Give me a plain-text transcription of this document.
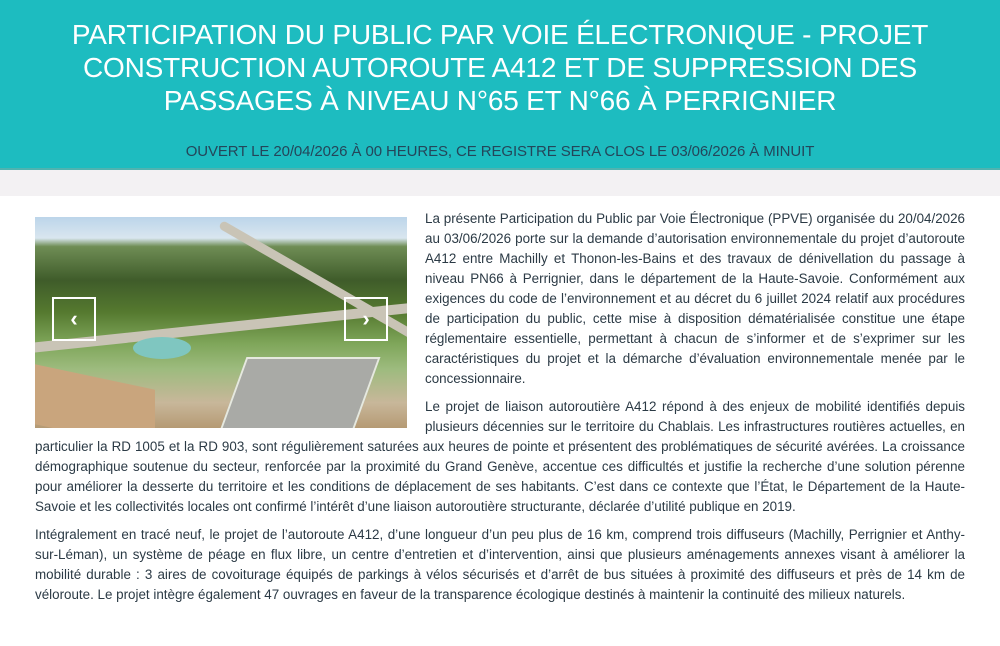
PARTICIPATION DU PUBLIC PAR VOIE ÉLECTRONIQUE - PROJET CONSTRUCTION AUTOROUTE A412 ET DE SUPPRESSION DES PASSAGES À NIVEAU N°65 ET N°66 À PERRIGNIER
OUVERT LE 20/04/2026 À 00 HEURES, CE REGISTRE SERA CLOS LE 03/06/2026 À MINUIT
‹	›

La présente Participation du Public par Voie Électronique (PPVE) organisée du 20/04/2026 au 03/06/2026 porte sur la demande d’autorisation environnementale du projet d’autoroute A412 entre Machilly et Thonon-les-Bains et des travaux de dénivellation du passage à niveau PN66 à Perrignier, dans le département de la Haute-Savoie. Conformément aux exigences du code de l’environnement et au décret du 6 juillet 2024 relatif aux procédures de participation du public, cette mise à disposition dématérialisée constitue une étape réglementaire essentielle, permettant à chacun de s’informer et de s’exprimer sur les caractéristiques du projet et la démarche d’évaluation environnementale menée par le concessionnaire.

Le projet de liaison autoroutière A412 répond à des enjeux de mobilité identifiés depuis plusieurs décennies sur le territoire du Chablais. Les infrastructures routières actuelles, en particulier la RD 1005 et la RD 903, sont régulièrement saturées aux heures de pointe et présentent des problématiques de sécurité avérées. La croissance démographique soutenue du secteur, renforcée par la proximité du Grand Genève, accentue ces difficultés et justifie la recherche d’une solution pérenne pour améliorer la desserte du territoire et les conditions de déplacement de ses habitants. C’est dans ce contexte que l’État, le Département de la Haute-Savoie et les collectivités locales ont confirmé l’intérêt d’une liaison autoroutière structurante, déclarée d’utilité publique en 2019.

Intégralement en tracé neuf, le projet de l’autoroute A412, d’une longueur d’un peu plus de 16 km, comprend trois diffuseurs (Machilly, Perrignier et Anthy-sur-Léman), un système de péage en flux libre, un centre d’entretien et d’intervention, ainsi que plusieurs aménagements annexes visant à améliorer la mobilité durable : 3 aires de covoiturage équipés de parkings à vélos sécurisés et d’arrêt de bus situées à proximité des diffuseurs et près de 14 km de véloroute. Le projet intègre également 47 ouvrages en faveur de la transparence écologique destinés à maintenir la continuité des milieux naturels.
